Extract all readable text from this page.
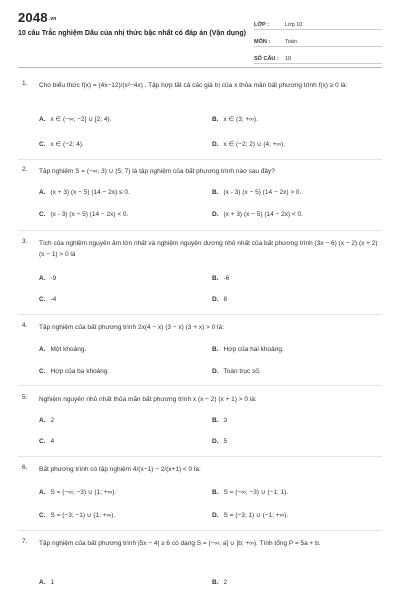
$2048^{.vn}$
10 câu Trắc nghiệm Dấu của nhị thức bậc nhất có đáp án (Vận dụng)
LỚP :	Lớp 10
MÔN :	Toán
SỐ CÂU :	10
1. Cho biểu thức f(x) = (4x−12)/(x²−4x) . Tập hợp tất cả các giá trị của x thỏa mãn bất phương trình f(x) ≥ 0 là:
A. x ∈ (−∞; −2] ∪ [2; 4).	B. x ∈ (3; +∞).
C. x ∈ (−2; 4).	D. x ∈ (−2; 2) ∪ (4; +∞).
2. Tập nghiệm S = (−∞; 3) ∪ (5; 7) là tập nghiệm của bất phương trình nào sau đây?
A. (x + 3) (x − 5) (14 − 2x) ≤ 0.	B. (x - 3) (x − 5) (14 − 2x) > 0.
C. (x - 3) (x − 5) (14 − 2x) < 0.	D. (x + 3) (x − 5) (14 − 2x) < 0.
3. Tích của nghiệm nguyên âm lớn nhất và nghiệm nguyên dương nhỏ nhất của bất phương trình (3x − 6) (x − 2) (x + 2) (x − 1) > 0 là
A. -9	B. -6
C. -4	D. 8
4. Tập nghiệm của bất phương trình 2x(4 − x) (3 − x) (3 + x) > 0 là:
A. Một khoảng.	B. Hợp của hai khoảng.
C. Hợp của ba khoảng.	D. Toàn trục số.
5. Nghiệm nguyên nhỏ nhất thỏa mãn bất phương trình x (x − 2) (x + 1) > 0 là:
A. 2	B. 3
C. 4	D. 5
6. Bất phương trình có tập nghiệm 4/(x−1) − 2/(x+1) < 0 là:
A. S = (−∞; −3) ∪ (1; +∞).	B. S = (−∞; −3) ∪ (−1; 1).
C. S = (−3; −1) ∪ (1; +∞).	D. S = (−3; 1) ∪ (−1; +∞).
7. Tập nghiệm của bất phương trình |5x − 4| ≥ 6 có dạng S = (−∞; a] ∪ [b; +∞). Tính tổng P = 5a + b.
A. 1	B. 2
